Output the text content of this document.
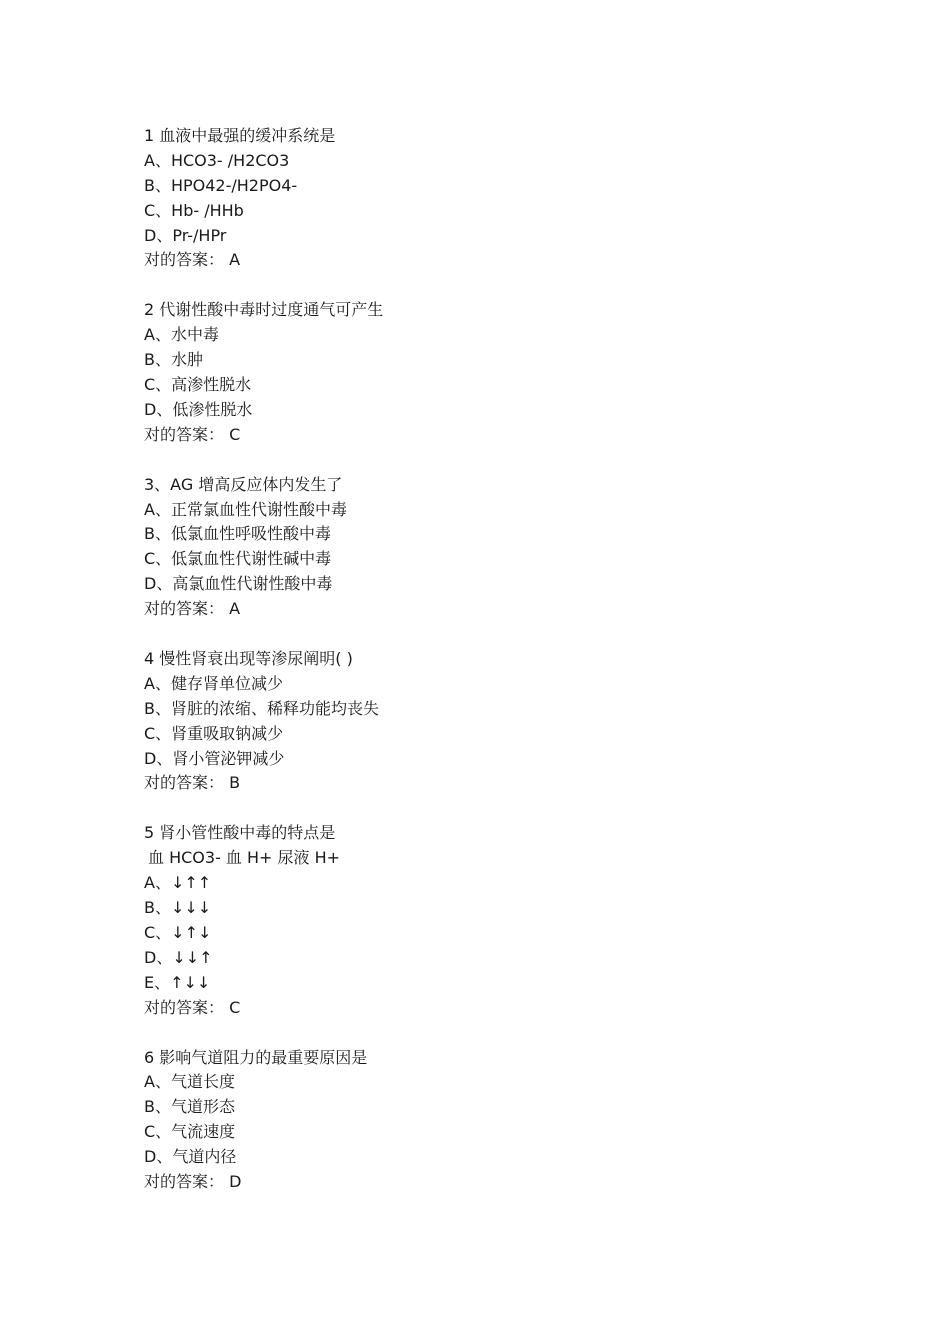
1 血液中最强的缓冲系统是
A、HCO3- /H2CO3
B、HPO42-/H2PO4-
C、Hb- /HHb
D、Pr-/HPr
对的答案： A
2 代谢性酸中毒时过度通气可产生
A、水中毒
B、水肿
C、高渗性脱水
D、低渗性脱水
对的答案： C
3、AG 增高反应体内发生了
A、正常氯血性代谢性酸中毒
B、低氯血性呼吸性酸中毒
C、低氯血性代谢性碱中毒
D、高氯血性代谢性酸中毒
对的答案： A
4 慢性肾衰出现等渗尿阐明( )
A、健存肾单位减少
B、肾脏的浓缩、稀释功能均丧失
C、肾重吸取钠减少
D、肾小管泌钾减少
对的答案： B
5 肾小管性酸中毒的特点是
血 HCO3- 血 H+ 尿液 H+
A、↓↑↑
B、↓↓↓
C、↓↑↓
D、↓↓↑
E、↑↓↓
对的答案： C
6 影响气道阻力的最重要原因是
A、气道长度
B、气道形态
C、气流速度
D、气道内径
对的答案： D
